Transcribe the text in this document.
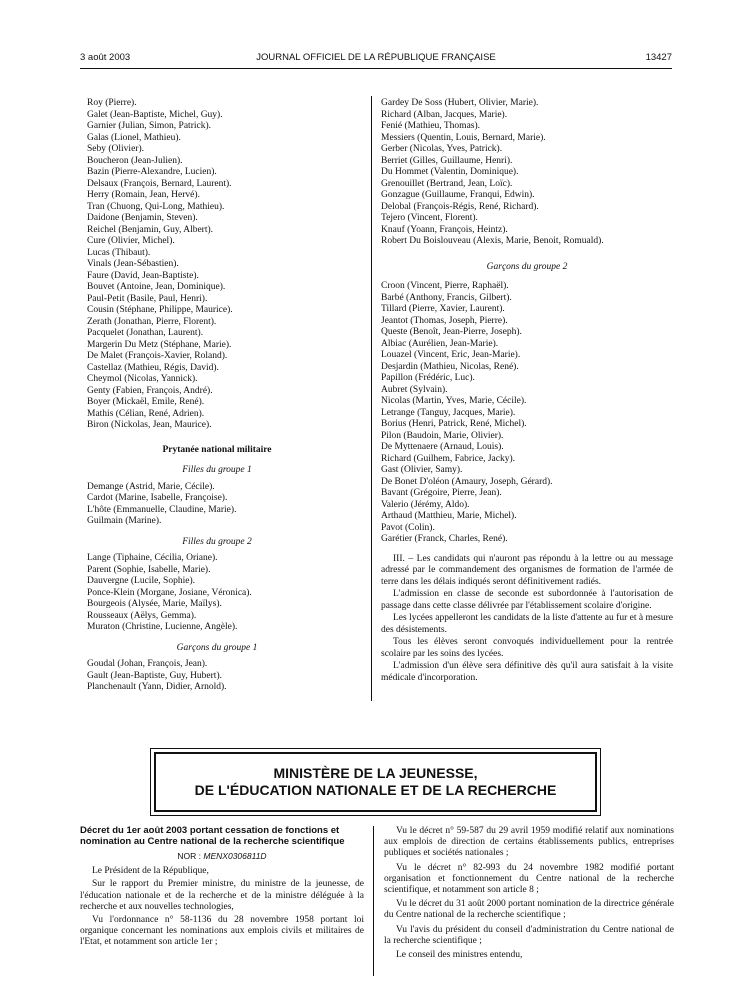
3 août 2003	JOURNAL OFFICIEL DE LA RÉPUBLIQUE FRANÇAISE	13427
Roy (Pierre).
Galet (Jean-Baptiste, Michel, Guy).
Garnier (Julian, Simon, Patrick).
Galas (Lionel, Mathieu).
Seby (Olivier).
Boucheron (Jean-Julien).
Bazin (Pierre-Alexandre, Lucien).
Delsaux (François, Bernard, Laurent).
Herry (Romain, Jean, Hervé).
Tran (Chuong, Qui-Long, Mathieu).
Daidone (Benjamin, Steven).
Reichel (Benjamin, Guy, Albert).
Cure (Olivier, Michel).
Lucas (Thibaut).
Vinals (Jean-Sébastien).
Faure (David, Jean-Baptiste).
Bouvet (Antoine, Jean, Dominique).
Paul-Petit (Basile, Paul, Henri).
Cousin (Stéphane, Philippe, Maurice).
Zerath (Jonathan, Pierre, Florent).
Pacquelet (Jonathan, Laurent).
Margerin Du Metz (Stéphane, Marie).
De Malet (François-Xavier, Roland).
Castellaz (Mathieu, Régis, David).
Cheymol (Nicolas, Yannick).
Genty (Fabien, François, André).
Boyer (Mickaël, Emile, René).
Mathis (Célian, René, Adrien).
Biron (Nickolas, Jean, Maurice).
Prytanée national militaire
Filles du groupe 1
Demange (Astrid, Marie, Cécile).
Cardot (Marine, Isabelle, Françoise).
L'hôte (Emmanuelle, Claudine, Marie).
Guilmain (Marine).
Filles du groupe 2
Lange (Tiphaine, Cécilia, Oriane).
Parent (Sophie, Isabelle, Marie).
Dauvergne (Lucile, Sophie).
Ponce-Klein (Morgane, Josiane, Véronica).
Bourgeois (Alysée, Marie, Maïlys).
Rousseaux (Aëlys, Gemma).
Muraton (Christine, Lucienne, Angèle).
Garçons du groupe 1
Goudal (Johan, François, Jean).
Gault (Jean-Baptiste, Guy, Hubert).
Planchenault (Yann, Didier, Arnold).
Gardey De Soss (Hubert, Olivier, Marie).
Richard (Alban, Jacques, Marie).
Fenié (Mathieu, Thomas).
Messiers (Quentin, Louis, Bernard, Marie).
Gerber (Nicolas, Yves, Patrick).
Berriet (Gilles, Guillaume, Henri).
Du Hommet (Valentin, Dominique).
Grenouillet (Bertrand, Jean, Loïc).
Gonzague (Guillaume, Franqui, Edwin).
Delobal (François-Régis, René, Richard).
Tejero (Vincent, Florent).
Knauf (Yoann, François, Heintz).
Robert Du Boislouveau (Alexis, Marie, Benoit, Romuald).
Garçons du groupe 2
Croon (Vincent, Pierre, Raphaël).
Barbé (Anthony, Francis, Gilbert).
Tillard (Pierre, Xavier, Laurent).
Jeantot (Thomas, Joseph, Pierre).
Queste (Benoît, Jean-Pierre, Joseph).
Albiac (Aurélien, Jean-Marie).
Louazel (Vincent, Eric, Jean-Marie).
Desjardin (Mathieu, Nicolas, René).
Papillon (Frédéric, Luc).
Aubret (Sylvain).
Nicolas (Martin, Yves, Marie, Cécile).
Letrange (Tanguy, Jacques, Marie).
Borius (Henri, Patrick, René, Michel).
Pilon (Baudoin, Marie, Olivier).
De Myttenaere (Arnaud, Louis).
Richard (Guilhem, Fabrice, Jacky).
Gast (Olivier, Samy).
De Bonet D'oléon (Amaury, Joseph, Gérard).
Bavant (Grégoire, Pierre, Jean).
Valerio (Jérémy, Aldo).
Arthaud (Matthieu, Marie, Michel).
Pavot (Colin).
Garétier (Franck, Charles, René).

III. – Les candidats qui n'auront pas répondu à la lettre ou au message adressé par le commandement des organismes de formation de l'armée de terre dans les délais indiqués seront définitivement radiés.

L'admission en classe de seconde est subordonnée à l'autorisation de passage dans cette classe délivrée par l'établissement scolaire d'origine.

Les lycées appelleront les candidats de la liste d'attente au fur et à mesure des désistements.

Tous les élèves seront convoqués individuellement pour la rentrée scolaire par les soins des lycées.

L'admission d'un élève sera définitive dès qu'il aura satisfait à la visite médicale d'incorporation.

MINISTÈRE DE LA JEUNESSE,
DE L'ÉDUCATION NATIONALE ET DE LA RECHERCHE
Décret du 1er août 2003 portant cessation de fonctions et nomination au Centre national de la recherche scientifique
NOR : MENX0306811D

Le Président de la République,

Sur le rapport du Premier ministre, du ministre de la jeunesse, de l'éducation nationale et de la recherche et de la ministre déléguée à la recherche et aux nouvelles technologies,

Vu l'ordonnance n° 58-1136 du 28 novembre 1958 portant loi organique concernant les nominations aux emplois civils et militaires de l'Etat, et notamment son article 1er ;

Vu le décret n° 59-587 du 29 avril 1959 modifié relatif aux nominations aux emplois de direction de certains établissements publics, entreprises publiques et sociétés nationales ;

Vu le décret n° 82-993 du 24 novembre 1982 modifié portant organisation et fonctionnement du Centre national de la recherche scientifique, et notamment son article 8 ;

Vu le décret du 31 août 2000 portant nomination de la directrice générale du Centre national de la recherche scientifique ;

Vu l'avis du président du conseil d'administration du Centre national de la recherche scientifique ;

Le conseil des ministres entendu,
